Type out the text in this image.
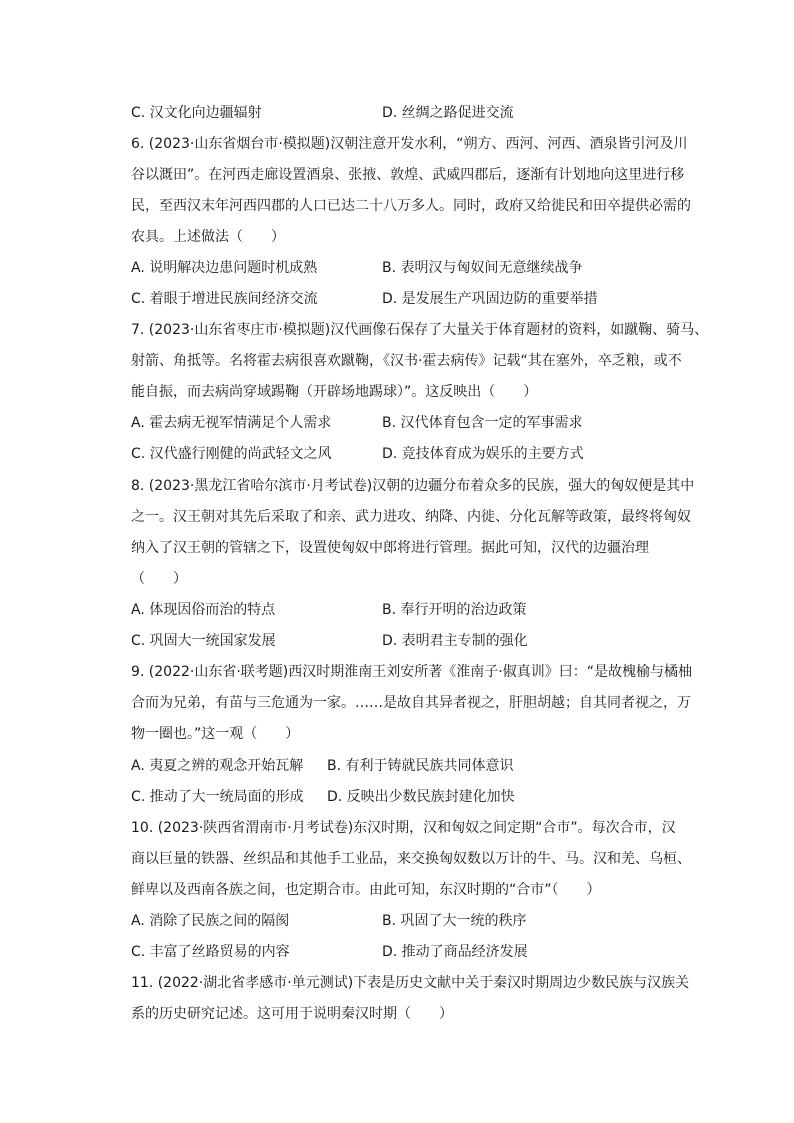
C. 汉文化向边疆辐射	D. 丝绸之路促进交流
6. (2023·山东省烟台市·模拟题)汉朝注意开发水利，“朔方、西河、河西、酒泉皆引河及川
谷以溉田”。在河西走廊设置酒泉、张掖、敦煌、武威四郡后，逐渐有计划地向这里进行移
民，至西汉末年河西四郡的人口已达二十八万多人。同时，政府又给徙民和田卒提供必需的
农具。上述做法（　　）
A. 说明解决边患问题时机成熟	B. 表明汉与匈奴间无意继续战争
C. 着眼于增进民族间经济交流	D. 是发展生产巩固边防的重要举措
7. (2023·山东省枣庄市·模拟题)汉代画像石保存了大量关于体育题材的资料，如蹴鞠、骑马、
射箭、角抵等。名将霍去病很喜欢蹴鞠，《汉书·霍去病传》记载“其在塞外，卒乏粮，或不
能自振，而去病尚穿域踢鞠（开辟场地踢球）”。这反映出（　　）
A. 霍去病无视军情满足个人需求	B. 汉代体育包含一定的军事需求
C. 汉代盛行刚健的尚武轻文之风	D. 竞技体育成为娱乐的主要方式
8. (2023·黑龙江省哈尔滨市·月考试卷)汉朝的边疆分布着众多的民族，强大的匈奴便是其中
之一。汉王朝对其先后采取了和亲、武力进攻、纳降、内徙、分化瓦解等政策，最终将匈奴
纳入了汉王朝的管辖之下，设置使匈奴中郎将进行管理。据此可知，汉代的边疆治理
（　　）
A. 体现因俗而治的特点	B. 奉行开明的治边政策
C. 巩固大一统国家发展	D. 表明君主专制的强化
9. (2022·山东省·联考题)西汉时期淮南王刘安所著《淮南子·俶真训》曰：“是故槐榆与橘柚
合而为兄弟，有苗与三危通为一家。……是故自其异者视之，肝胆胡越；自其同者视之，万
物一圈也。”这一观（　　）
A. 夷夏之辨的观念开始瓦解 B. 有利于铸就民族共同体意识
C. 推动了大一统局面的形成 D. 反映出少数民族封建化加快
10. (2023·陕西省渭南市·月考试卷)东汉时期，汉和匈奴之间定期“合市”。每次合市，汉
商以巨量的铁器、丝织品和其他手工业品，来交换匈奴数以万计的牛、马。汉和羌、乌桓、
鲜卑以及西南各族之间，也定期合市。由此可知，东汉时期的“合市”（　　）
A. 消除了民族之间的隔阂	B. 巩固了大一统的秩序
C. 丰富了丝路贸易的内容	D. 推动了商品经济发展
11. (2022·湖北省孝感市·单元测试)下表是历史文献中关于秦汉时期周边少数民族与汉族关
系的历史研究记述。这可用于说明秦汉时期（　　）
